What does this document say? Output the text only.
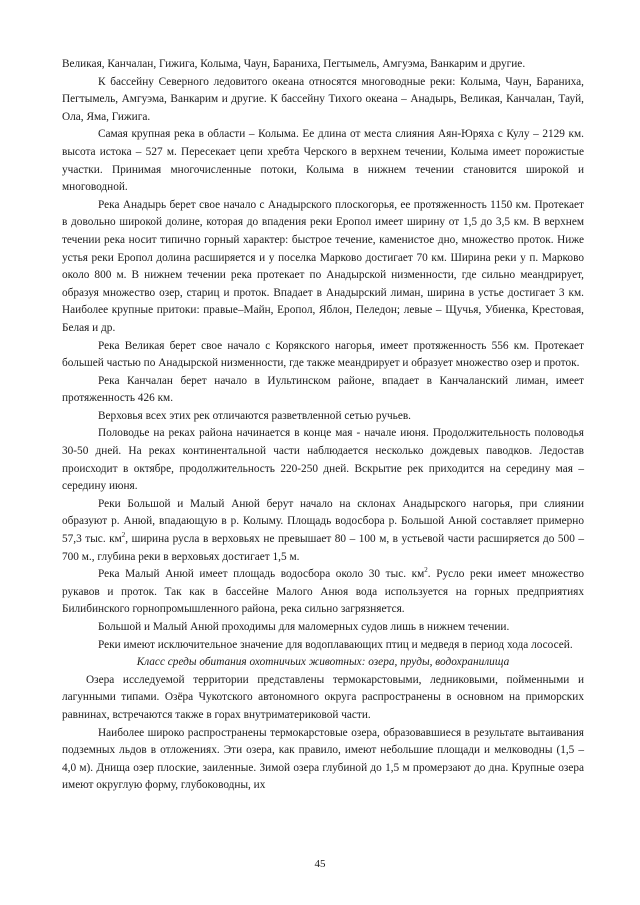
Великая, Канчалан, Гижига, Колыма, Чаун, Бараниха, Пегтымель, Амгуэма, Ванкарим и другие.

К бассейну Северного ледовитого океана относятся многоводные реки: Колыма, Чаун, Бараниха, Пегтымель, Амгуэма, Ванкарим и другие. К бассейну Тихого океана – Анадырь, Великая, Канчалан, Тауй, Ола, Яма, Гижига.

Самая крупная река в области – Колыма. Ее длина от места слияния Аян-Юряха с Кулу – 2129 км. высота истока – 527 м. Пересекает цепи хребта Черского в верхнем течении, Колыма имеет порожистые участки. Принимая многочисленные потоки, Колыма в нижнем течении становится широкой и многоводной.

Река Анадырь берет свое начало с Анадырского плоскогорья, ее протяженность 1150 км. Протекает в довольно широкой долине, которая до впадения реки Еропол имеет ширину от 1,5 до 3,5 км. В верхнем течении река носит типично горный характер: быстрое течение, каменистое дно, множество проток. Ниже устья реки Еропол долина расширяется и у поселка Марково достигает 70 км. Ширина реки у п. Марково около 800 м. В нижнем течении река протекает по Анадырской низменности, где сильно меандрирует, образуя множество озер, стариц и проток. Впадает в Анадырский лиман, ширина в устье достигает 3 км. Наиболее крупные притоки: правые–Майн, Еропол, Яблон, Пеледон; левые – Щучья, Убиенка, Крестовая, Белая и др.

Река Великая берет свое начало с Корякского нагорья, имеет протяженность 556 км. Протекает большей частью по Анадырской низменности, где также меандрирует и образует множество озер и проток.

Река Канчалан берет начало в Иультинском районе, впадает в Канчаланский лиман, имеет протяженность 426 км.

Верховья всех этих рек отличаются разветвленной сетью ручьев.

Половодье на реках района начинается в конце мая - начале июня. Продолжительность половодья 30-50 дней. На реках континентальной части наблюдается несколько дождевых паводков. Ледостав происходит в октябре, продолжительность 220-250 дней. Вскрытие рек приходится на середину мая – середину июня.

Реки Большой и Малый Анюй берут начало на склонах Анадырского нагорья, при слиянии образуют р. Анюй, впадающую в р. Колыму. Площадь водосбора р. Большой Анюй составляет примерно 57,3 тыс. $км^2$, ширина русла в верховьях не превышает 80 – 100 м, в устьевой части расширяется до 500 –700 м., глубина реки в верховьях достигает 1,5 м.

Река Малый Анюй имеет площадь водосбора около 30 тыс. $км^2$. Русло реки имеет множество рукавов и проток. Так как в бассейне Малого Анюя вода используется на горных предприятиях Билибинского горнопромышленного района, река сильно загрязняется.

Большой и Малый Анюй проходимы для маломерных судов лишь в нижнем течении.

Реки имеют исключительное значение для водоплавающих птиц и медведя в период хода лососей.

Класс среды обитания охотничьих животных: озера, пруды, водохранилища

Озера исследуемой территории представлены термокарстовыми, ледниковыми, пойменными и лагунными типами. Озёра Чукотского автономного округа распространены в основном на приморских равнинах, встречаются также в горах внутриматериковой части.

Наиболее широко распространены термокарстовые озера, образовавшиеся в результате вытаивания подземных льдов в отложениях. Эти озера, как правило, имеют небольшие площади и мелководны (1,5 – 4,0 м). Днища озер плоские, заиленные. Зимой озера глубиной до 1,5 м промерзают до дна. Крупные озера имеют округлую форму, глубоководны, их

45
